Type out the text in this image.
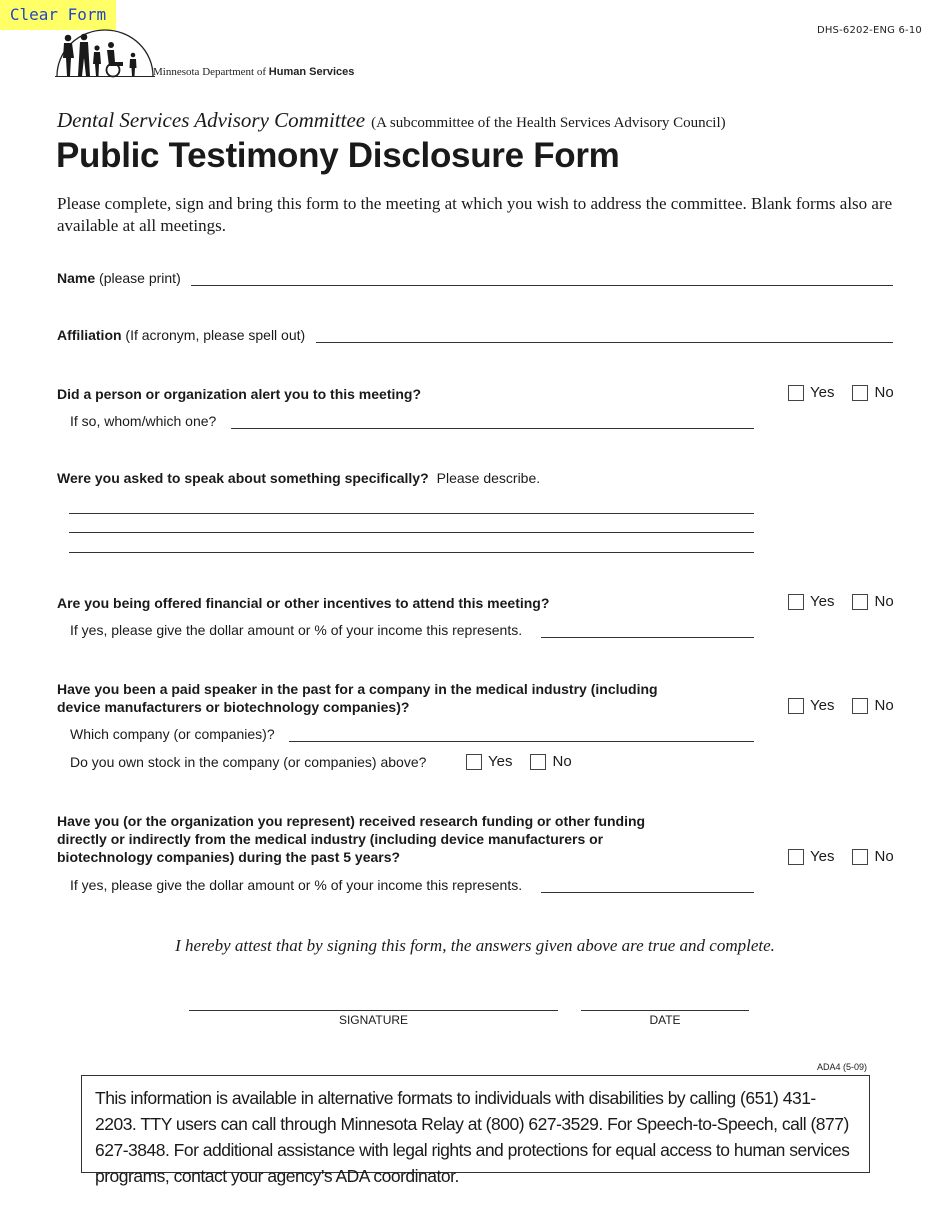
Clear Form
DHS-6202-ENG 6-10
Minnesota Department of Human Services
Dental Services Advisory Committee (A subcommittee of the Health Services Advisory Council)
Public Testimony Disclosure Form
Please complete, sign and bring this form to the meeting at which you wish to address the committee. Blank forms also are available at all meetings.
Name (please print)
Affiliation (If acronym, please spell out)
Did a person or organization alert you to this meeting?	Yes	No
If so, whom/which one?
Were you asked to speak about something specifically? Please describe.
Are you being offered financial or other incentives to attend this meeting?	Yes	No
If yes, please give the dollar amount or % of your income this represents.
Have you been a paid speaker in the past for a company in the medical industry (including device manufacturers or biotechnology companies)?	Yes	No
Which company (or companies)?
Do you own stock in the company (or companies) above?	Yes	No
Have you (or the organization you represent) received research funding or other funding directly or indirectly from the medical industry (including device manufacturers or biotechnology companies) during the past 5 years?	Yes	No
If yes, please give the dollar amount or % of your income this represents.
I hereby attest that by signing this form, the answers given above are true and complete.
SIGNATURE	DATE
ADA4 (5-09)
This information is available in alternative formats to individuals with disabilities by calling (651) 431-2203. TTY users can call through Minnesota Relay at (800) 627-3529. For Speech-to-Speech, call (877) 627-3848. For additional assistance with legal rights and protections for equal access to human services programs, contact your agency’s ADA coordinator.
